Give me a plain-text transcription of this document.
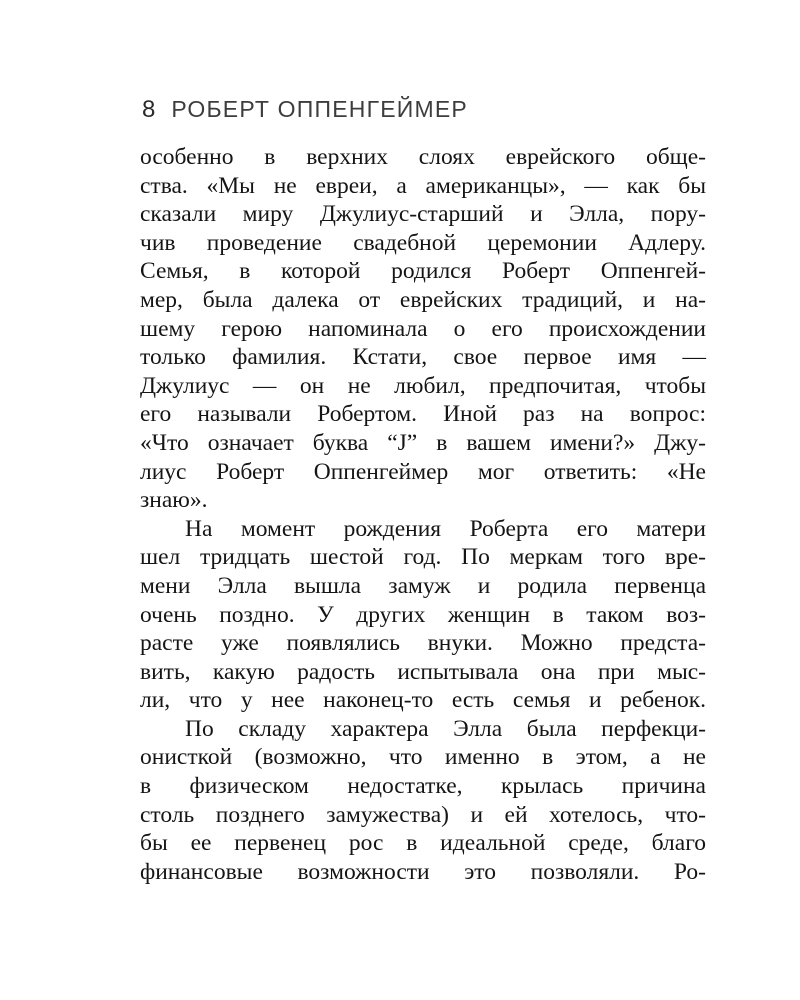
8 РОБЕРТ ОППЕНГЕЙМЕР
особенно в верхних слоях еврейского обще-
ства. «Мы не евреи, а американцы», — как бы
сказали миру Джулиус-старший и Элла, пору-
чив проведение свадебной церемонии Адлеру.
Семья, в которой родился Роберт Оппенгей-
мер, была далека от еврейских традиций, и на-
шему герою напоминала о его происхождении
только фамилия. Кстати, свое первое имя —
Джулиус — он не любил, предпочитая, чтобы
его называли Робертом. Иной раз на вопрос:
«Что означает буква “J” в вашем имени?» Джу-
лиус Роберт Оппенгеймер мог ответить: «Не
знаю».
На момент рождения Роберта его матери
шел тридцать шестой год. По меркам того вре-
мени Элла вышла замуж и родила первенца
очень поздно. У других женщин в таком воз-
расте уже появлялись внуки. Можно предста-
вить, какую радость испытывала она при мыс-
ли, что у нее наконец-то есть семья и ребенок.
По складу характера Элла была перфекци-
онисткой (возможно, что именно в этом, а не
в физическом недостатке, крылась причина
столь позднего замужества) и ей хотелось, что-
бы ее первенец рос в идеальной среде, благо
финансовые возможности это позволяли. Ро-
